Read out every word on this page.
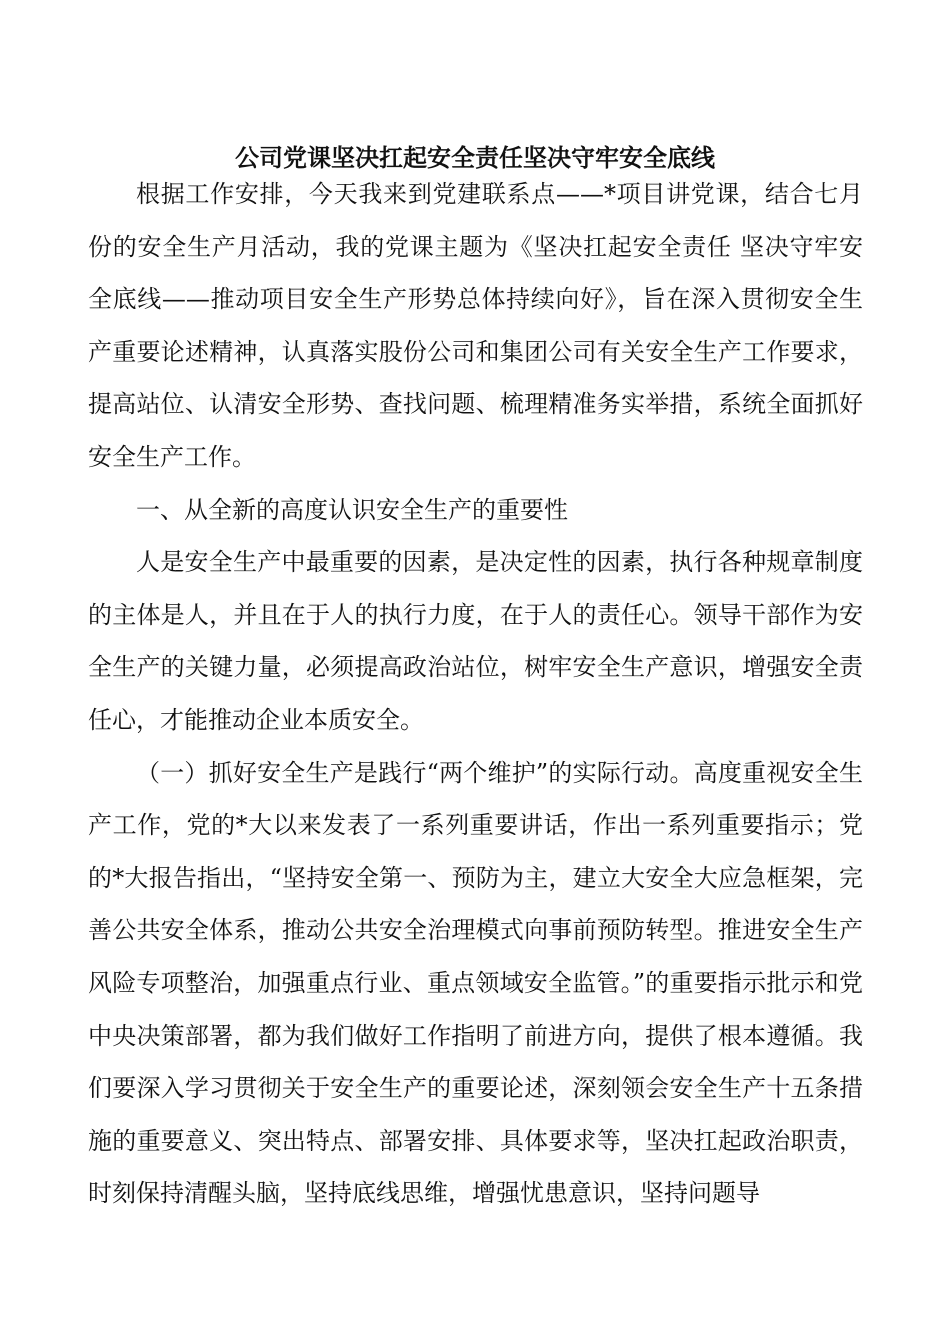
公司党课坚决扛起安全责任坚决守牢安全底线

根据工作安排，今天我来到党建联系点——*项目讲党课，结合七月份的安全生产月活动，我的党课主题为《坚决扛起安全责任 坚决守牢安全底线——推动项目安全生产形势总体持续向好》，旨在深入贯彻安全生产重要论述精神，认真落实股份公司和集团公司有关安全生产工作要求，提高站位、认清安全形势、查找问题、梳理精准务实举措，系统全面抓好安全生产工作。

一、从全新的高度认识安全生产的重要性

人是安全生产中最重要的因素，是决定性的因素，执行各种规章制度的主体是人，并且在于人的执行力度，在于人的责任心。领导干部作为安全生产的关键力量，必须提高政治站位，树牢安全生产意识，增强安全责任心，才能推动企业本质安全。

（一）抓好安全生产是践行“两个维护”的实际行动。高度重视安全生产工作，党的*大以来发表了一系列重要讲话，作出一系列重要指示；党的*大报告指出，“坚持安全第一、预防为主，建立大安全大应急框架，完善公共安全体系，推动公共安全治理模式向事前预防转型。推进安全生产风险专项整治，加强重点行业、重点领域安全监管。”的重要指示批示和党中央决策部署，都为我们做好工作指明了前进方向，提供了根本遵循。我们要深入学习贯彻关于安全生产的重要论述，深刻领会安全生产十五条措施的重要意义、突出特点、部署安排、具体要求等，坚决扛起政治职责，时刻保持清醒头脑，坚持底线思维，增强忧患意识，坚持问题导
